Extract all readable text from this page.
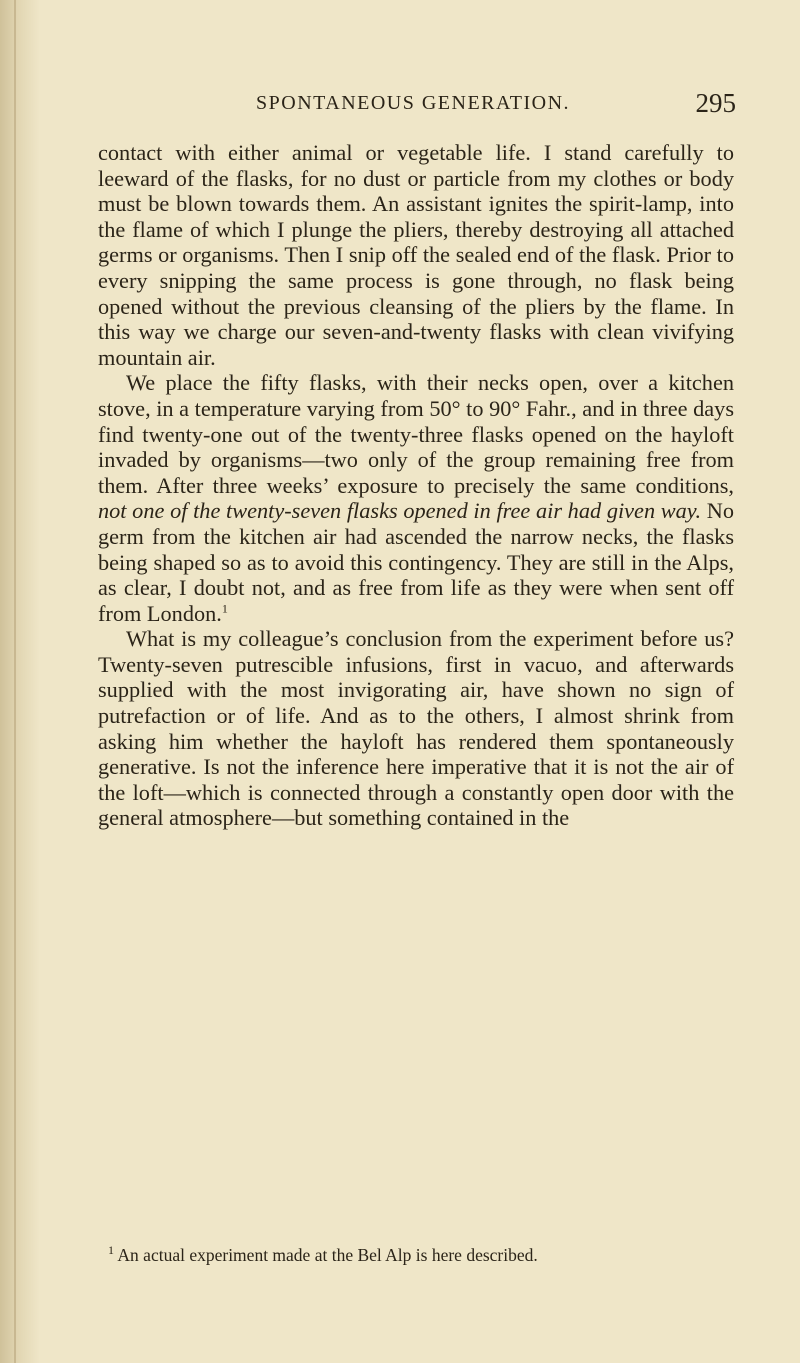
SPONTANEOUS GENERATION.	295

contact with either animal or vegetable life. I stand carefully to leeward of the flasks, for no dust or particle from my clothes or body must be blown towards them. An assistant ignites the spirit-lamp, into the flame of which I plunge the pliers, thereby destroying all attached germs or organisms. Then I snip off the sealed end of the flask. Prior to every snipping the same process is gone through, no flask being opened without the previous cleansing of the pliers by the flame. In this way we charge our seven-and-twenty flasks with clean vivifying mountain air.

We place the fifty flasks, with their necks open, over a kitchen stove, in a temperature varying from 50° to 90° Fahr., and in three days find twenty-one out of the twenty-three flasks opened on the hayloft invaded by organisms—two only of the group remaining free from them. After three weeks’ exposure to precisely the same conditions, not one of the twenty-seven flasks opened in free air had given way. No germ from the kitchen air had ascended the narrow necks, the flasks being shaped so as to avoid this contingency. They are still in the Alps, as clear, I doubt not, and as free from life as they were when sent off from London.$^1$

What is my colleague’s conclusion from the experiment before us? Twenty-seven putrescible infusions, first in vacuo, and afterwards supplied with the most invigorating air, have shown no sign of putrefaction or of life. And as to the others, I almost shrink from asking him whether the hayloft has rendered them spontaneously generative. Is not the inference here imperative that it is not the air of the loft—which is connected through a constantly open door with the general atmosphere—but something contained in the

$^1$ An actual experiment made at the Bel Alp is here described.
